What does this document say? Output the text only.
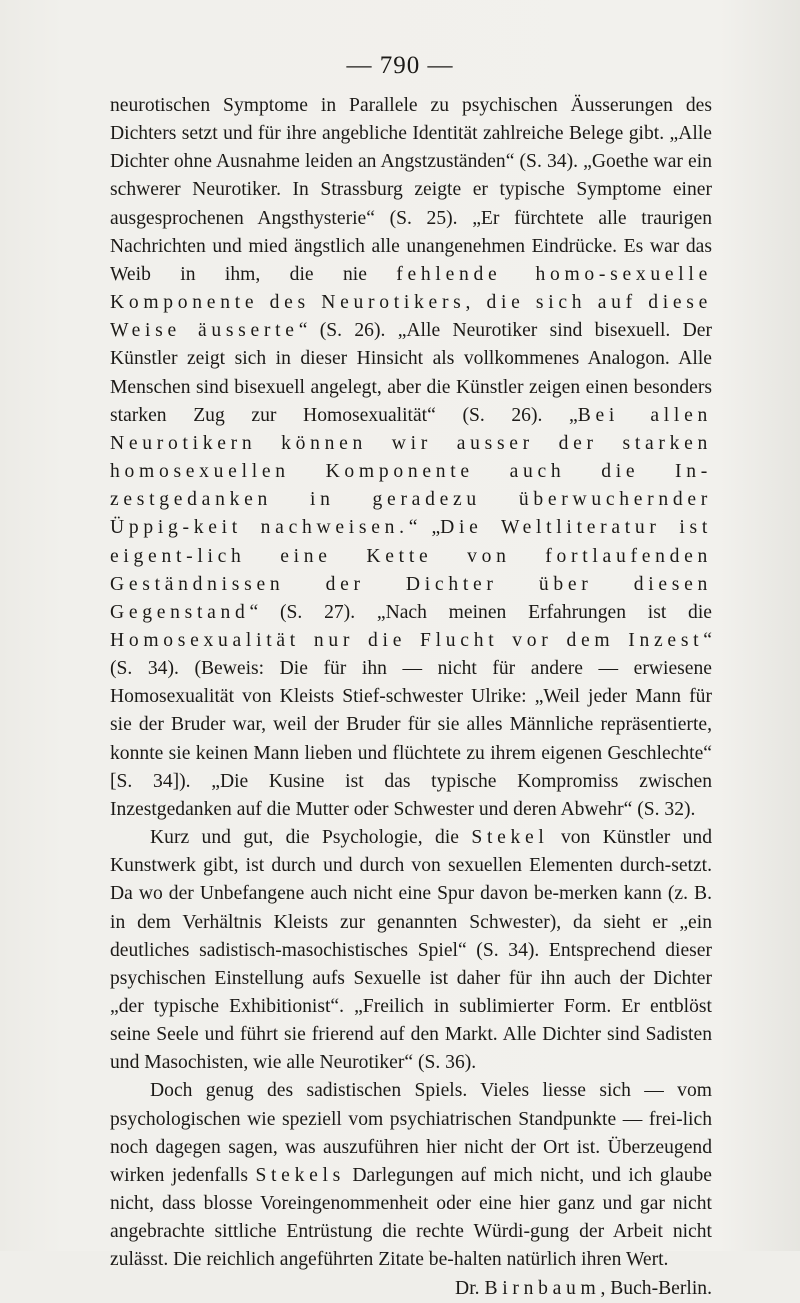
— 790 —

neurotischen Symptome in Parallele zu psychischen Äusserungen des Dichters setzt und für ihre angebliche Identität zahlreiche Belege gibt. „Alle Dichter ohne Ausnahme leiden an Angstzuständen“ (S. 34). „Goethe war ein schwerer Neurotiker. In Strassburg zeigte er typische Symptome einer ausgesprochenen Angsthysterie“ (S. 25). „Er fürchtete alle traurigen Nachrichten und mied ängstlich alle unangenehmen Eindrücke. Es war das Weib in ihm, die nie fehlende homo-sexuelle Komponente des Neurotikers, die sich auf diese Weise äusserte“ (S. 26). „Alle Neurotiker sind bisexuell. Der Künstler zeigt sich in dieser Hinsicht als vollkommenes Analogon. Alle Menschen sind bisexuell angelegt, aber die Künstler zeigen einen besonders starken Zug zur Homosexualität“ (S. 26). „Bei allen Neurotikern können wir ausser der starken homosexuellen Komponente auch die In-zestgedanken in geradezu überwuchernder Üppig-keit nachweisen.“ „Die Weltliteratur ist eigent-lich eine Kette von fortlaufenden Geständnissen der Dichter über diesen Gegenstand“ (S. 27). „Nach meinen Erfahrungen ist die Homosexualität nur die Flucht vor dem Inzest“ (S. 34). (Beweis: Die für ihn — nicht für andere — erwiesene Homosexualität von Kleists Stief-schwester Ulrike: „Weil jeder Mann für sie der Bruder war, weil der Bruder für sie alles Männliche repräsentierte, konnte sie keinen Mann lieben und flüchtete zu ihrem eigenen Geschlechte“ [S. 34]). „Die Kusine ist das typische Kompromiss zwischen Inzestgedanken auf die Mutter oder Schwester und deren Abwehr“ (S. 32).

Kurz und gut, die Psychologie, die Stekel von Künstler und Kunstwerk gibt, ist durch und durch von sexuellen Elementen durch-setzt. Da wo der Unbefangene auch nicht eine Spur davon be-merken kann (z. B. in dem Verhältnis Kleists zur genannten Schwester), da sieht er „ein deutliches sadistisch-masochistisches Spiel“ (S. 34). Entsprechend dieser psychischen Einstellung aufs Sexuelle ist daher für ihn auch der Dichter „der typische Exhibitionist“. „Freilich in sublimierter Form. Er entblöst seine Seele und führt sie frierend auf den Markt. Alle Dichter sind Sadisten und Masochisten, wie alle Neurotiker“ (S. 36).

Doch genug des sadistischen Spiels. Vieles liesse sich — vom psychologischen wie speziell vom psychiatrischen Standpunkte — frei-lich noch dagegen sagen, was auszuführen hier nicht der Ort ist. Überzeugend wirken jedenfalls Stekels Darlegungen auf mich nicht, und ich glaube nicht, dass blosse Voreingenommenheit oder eine hier ganz und gar nicht angebrachte sittliche Entrüstung die rechte Würdi-gung der Arbeit nicht zulässt. Die reichlich angeführten Zitate be-halten natürlich ihren Wert.
Dr. Birnbaum, Buch-Berlin.
